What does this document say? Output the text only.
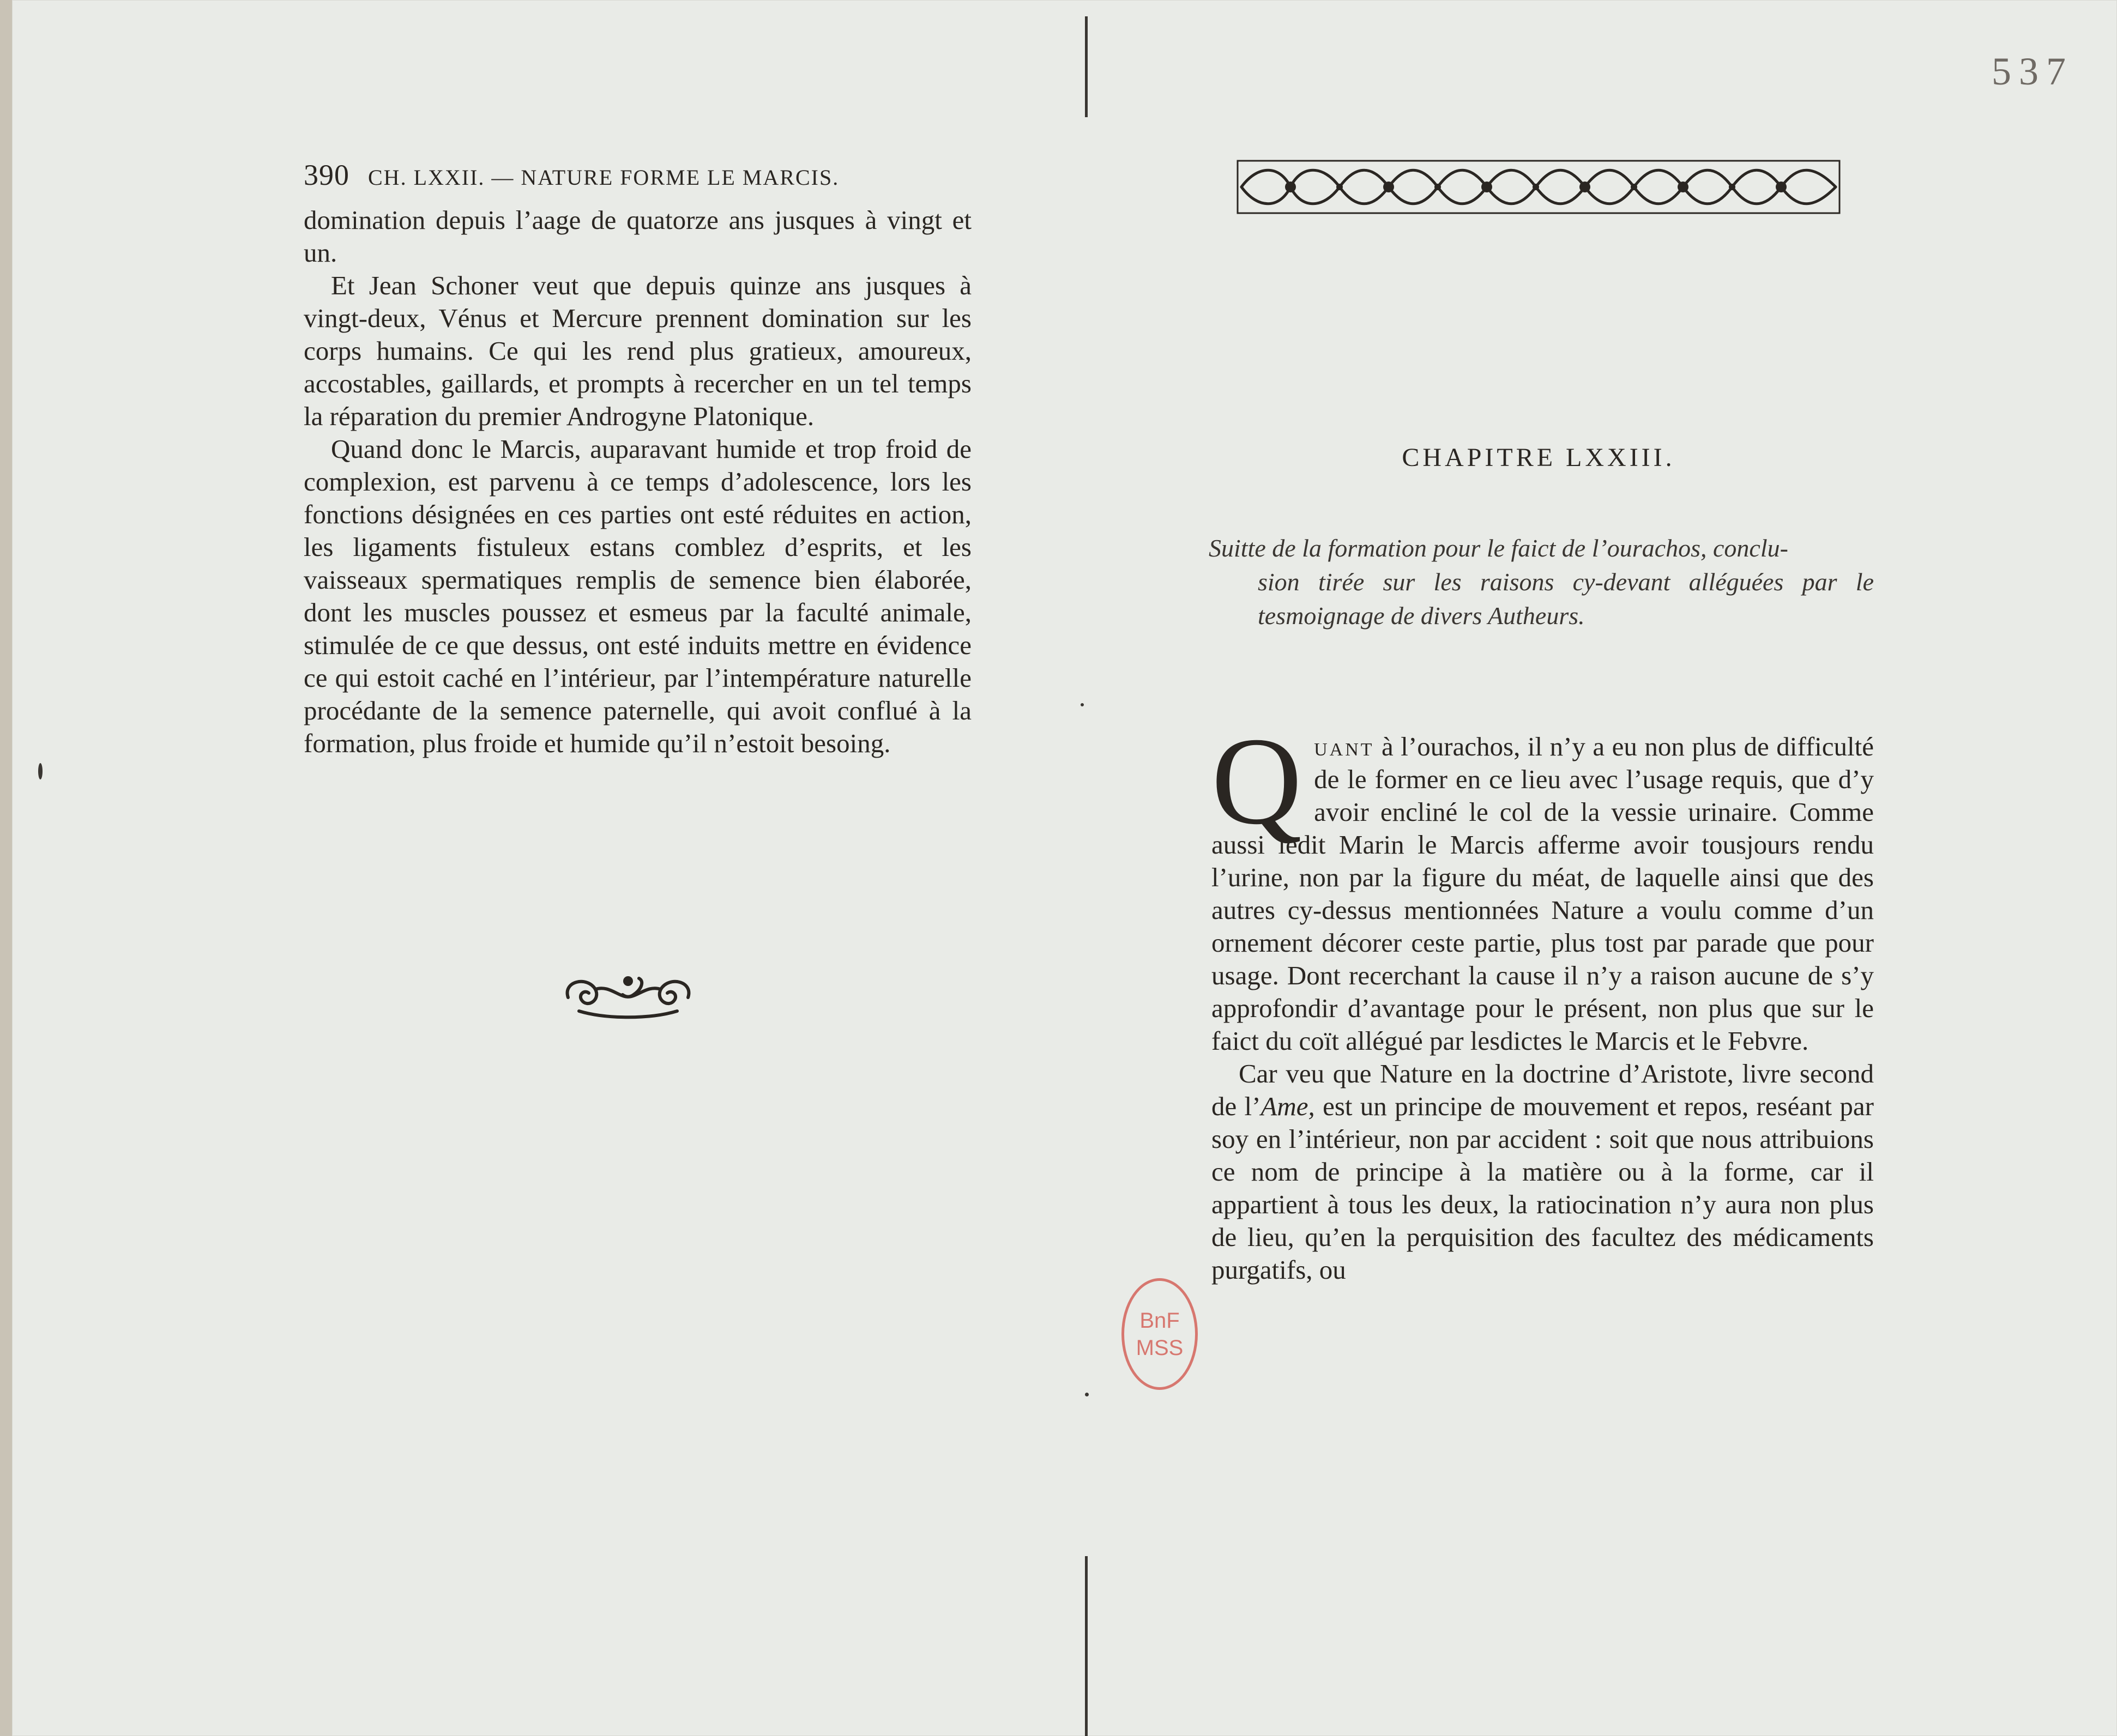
537
390 CH. LXXII. — NATURE FORME LE MARCIS.

domination depuis l’aage de quatorze ans jusques à vingt et un.

Et Jean Schoner veut que depuis quinze ans jusques à vingt-deux, Vénus et Mercure prennent domination sur les corps humains. Ce qui les rend plus gratieux, amoureux, accostables, gaillards, et prompts à recercher en un tel temps la réparation du premier Androgyne Platonique.

Quand donc le Marcis, auparavant humide et trop froid de complexion, est parvenu à ce temps d’adolescence, lors les fonctions désignées en ces parties ont esté réduites en action, les ligaments fistuleux estans comblez d’esprits, et les vaisseaux spermatiques remplis de semence bien élaborée, dont les muscles poussez et esmeus par la faculté animale, stimulée de ce que dessus, ont esté induits mettre en évidence ce qui estoit caché en l’intérieur, par l’intempérature naturelle procédante de la semence paternelle, qui avoit conflué à la formation, plus froide et humide qu’il n’estoit besoing.

CHAPITRE LXXIII.
Suitte de la formation pour le faict de l’ourachos, conclu-
sion tirée sur les raisons cy-devant alléguées par le tesmoignage de divers Autheurs.

Quant à l’ourachos, il n’y a eu non plus de difficulté de le former en ce lieu avec l’usage requis, que d’y avoir encliné le col de la vessie urinaire. Comme aussi ledit Marin le Marcis afferme avoir tousjours rendu l’urine, non par la figure du méat, de laquelle ainsi que des autres cy-dessus mentionnées Nature a voulu comme d’un ornement décorer ceste partie, plus tost par parade que pour usage. Dont recerchant la cause il n’y a raison aucune de s’y approfondir d’avantage pour le présent, non plus que sur le faict du coït allégué par lesdictes le Marcis et le Febvre.

Car veu que Nature en la doctrine d’Aristote, livre second de l’Ame, est un principe de mouvement et repos, reséant par soy en l’intérieur, non par accident : soit que nous attribuions ce nom de principe à la matière ou à la forme, car il appartient à tous les deux, la ratiocination n’y aura non plus de lieu, qu’en la perquisition des facultez des médicaments purgatifs, ou

BnF
MSS
